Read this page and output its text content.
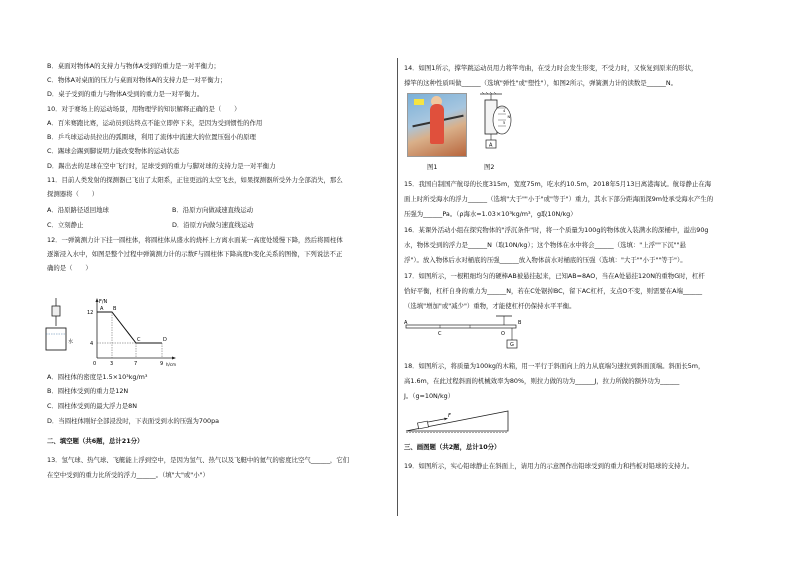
B．桌面对物体A的支持力与物体A受到的重力是一对平衡力；
C．物体A对桌面的压力与桌面对物体A的支持力是一对平衡力；
D．桌子受到的重力与物体A受到的重力是一对平衡力。
10．对于赛场上的运动场景，用物理学的知识解释正确的是（　　）
A．百米赛跑比赛，运动员到达终点不能立即停下来，是因为受到惯性的作用
B．乒乓球运动员拉出的弧圈球，利用了流体中流速大的位置压强小的原理
C．踢球会踢到脚说明力能改变物体的运动状态
D．踢出去的足球在空中飞行时，足球受到的重力与脚对球的支持力是一对平衡力
11．目前人类发射的探测器已飞出了太阳系，正往更远的太空飞去，如果探测器所受外力全部消失，那么
探测器将（　　）
A．沿原路径返回地球	B．沿原方向做减速直线运动
C．立刻静止	D．沿原方向做匀速直线运动
12．一弹簧测力计下挂一圆柱体，将圆柱体从盛水的烧杯上方离水面某一高度处缓慢下降，然后将圆柱体
逐渐浸入水中，如图是整个过程中弹簧测力计的示数F与圆柱体下降高度h变化关系的图像，下列说法不正
确的是（　　）
水
F/N
h/cm
12
4
0	3	7	9
A B
C	D
A．圆柱体的密度是1.5×10³kg/m³
B．圆柱体受到的重力是12N
C．圆柱体受到的最大浮力是8N
D．当圆柱体刚好全部浸没时，下表面受到水的压强为700pa
二、填空题（共6题，总计21分）
13．氢气球、热气球、飞艇能上浮到空中，是因为氢气、热气以及飞艇中的氦气的密度比空气______，它们
在空中受到的重力比所受的浮力______。（填"大"或"小"）
14．如图1所示，撑竿跳运动员用力将竿弯曲，在受力时会发生形变，不受力时，又恢复到原来的形状，
撑竿的这种性质叫做______（选填"弹性"或"塑性"），如图2所示，弹簧测力计的读数是______N。
A
4
5
N
图1	图2
15．我国自制国产航母的长度315m，宽度75m，吃水约10.5m，2018年5月13日离港海试。航母静止在海
面上时所受海水的浮力______（选填"大于""小于"或"等于"）重力，其水下部分距海面深9m处承受海水产生的
压强为______Pa。（ρ海水=1.03×10³kg/m³，g取10N/kg）
16．某课外活动小组在探究物体的"浮沉条件"时，将一个质量为100g的物体放入装满水的深桶中，溢出90g
水，物体受到的浮力是______N（取10N/kg）；这个物体在水中将会______（选填："上浮""下沉""悬
浮"）。放入物体后水对桶底的压强______放入物体前水对桶底的压强（选填："大于""小于""等于"）。
17．如图所示，一根粗细均匀的硬棒AB被悬挂起来，已知AB=8AO，当在A处悬挂120N的重物G时，杠杆
恰好平衡，杠杆自身的重力为______N，若在C处锯掉BC，留下AC杠杆，支点O不变，则需要在A端______
（选填"增加"或"减少"）重物，才能使杠杆仍保持水平平衡。
A
O
C
B
G
18．如图所示，将质量为100kg的木箱，用一平行于斜面向上的力从底端匀速拉到斜面顶端。斜面长5m，
高1.6m，在此过程斜面的机械效率为80%，则拉力做的功为______J，拉力所做的额外功为______
J。（g=10N/kg）
F
三、画图题（共2题，总计10分）
19．如图所示，实心铅球静止在斜面上，请用力的示意图作出铅球受到的重力和挡板对铅球的支持力。
